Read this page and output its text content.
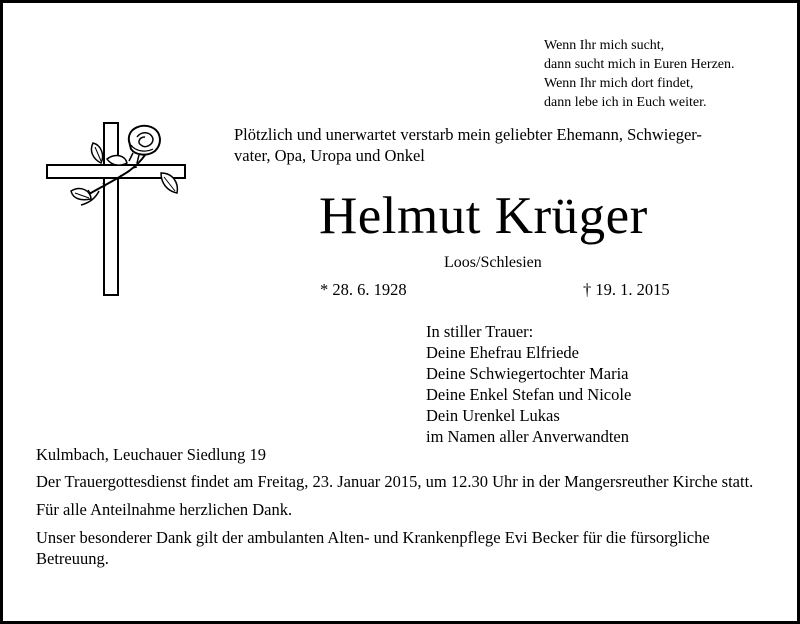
Wenn Ihr mich sucht,
dann sucht mich in Euren Herzen.
Wenn Ihr mich dort findet,
dann lebe ich in Euch weiter.
Plötzlich und unerwartet verstarb mein geliebter Ehemann, Schwieger-
vater, Opa, Uropa und Onkel
Helmut Krüger
Loos/Schlesien
* 28. 6. 1928	† 19. 1. 2015
In stiller Trauer:
Deine Ehefrau Elfriede
Deine Schwiegertochter Maria
Deine Enkel Stefan und Nicole
Dein Urenkel Lukas
im Namen aller Anverwandten

Kulmbach, Leuchauer Siedlung 19

Der Trauergottesdienst findet am Freitag, 23. Januar 2015, um 12.30 Uhr in der Mangersreuther Kirche statt.

Für alle Anteilnahme herzlichen Dank.

Unser besonderer Dank gilt der ambulanten Alten- und Krankenpflege Evi Becker für die fürsorgliche Betreuung.
